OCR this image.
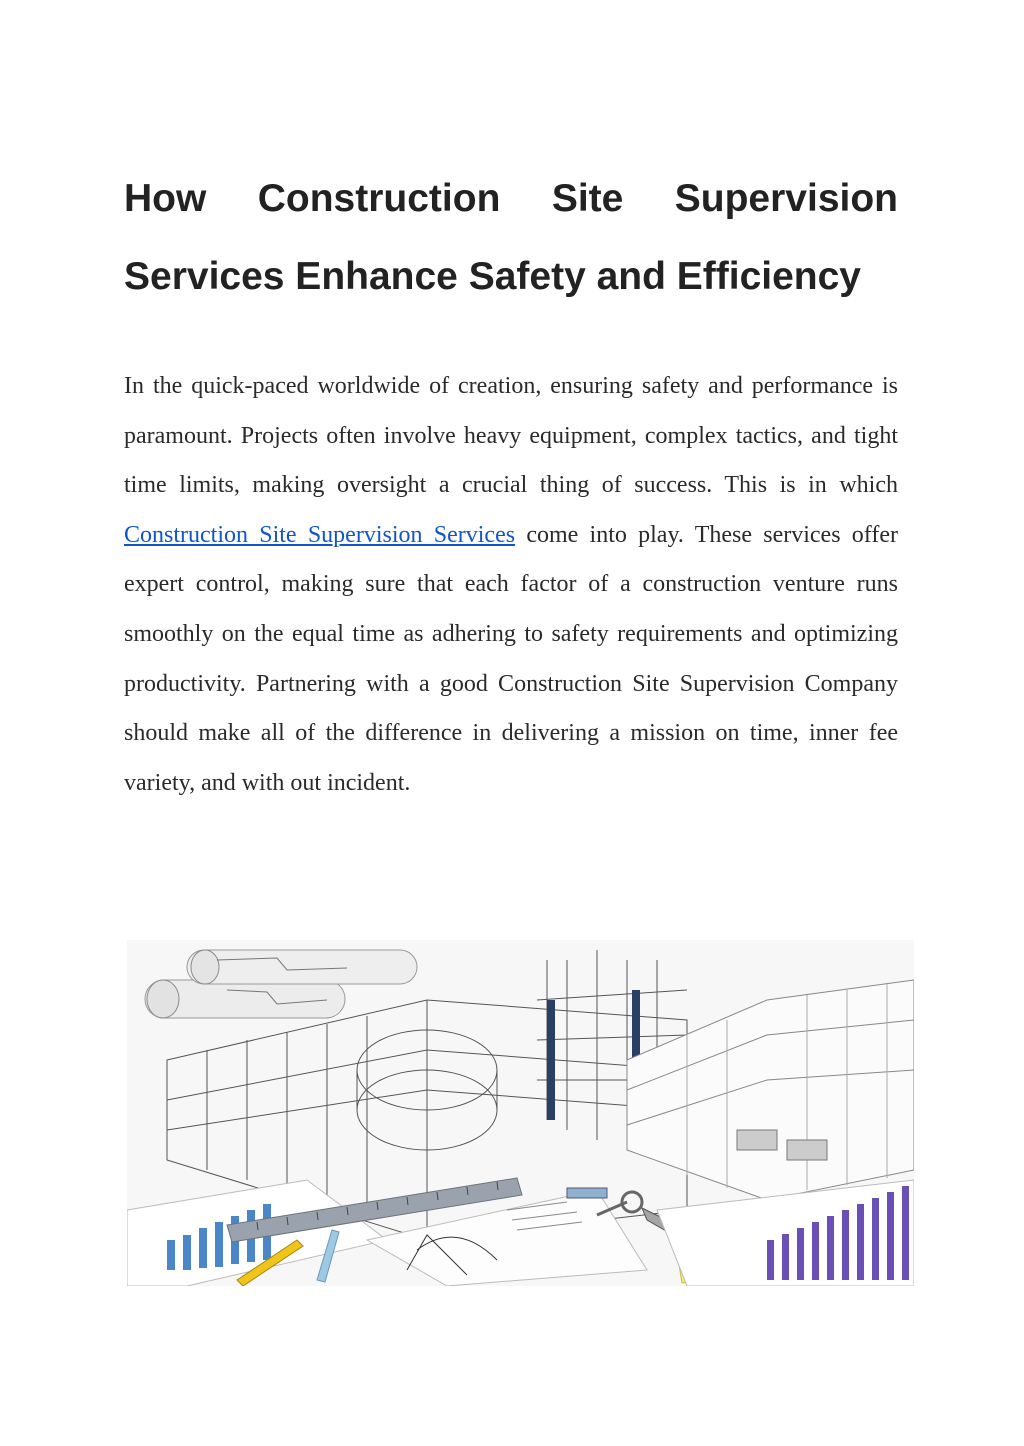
How Construction Site Supervision Services Enhance Safety and Efficiency

In the quick-paced worldwide of creation, ensuring safety and performance is paramount. Projects often involve heavy equipment, complex tactics, and tight time limits, making oversight a crucial thing of success. This is in which Construction Site Supervision Services come into play. These services offer expert control, making sure that each factor of a construction venture runs smoothly on the equal time as adhering to safety requirements and optimizing productivity. Partnering with a good Construction Site Supervision Company should make all of the difference in delivering a mission on time, inner fee variety, and with out incident.
